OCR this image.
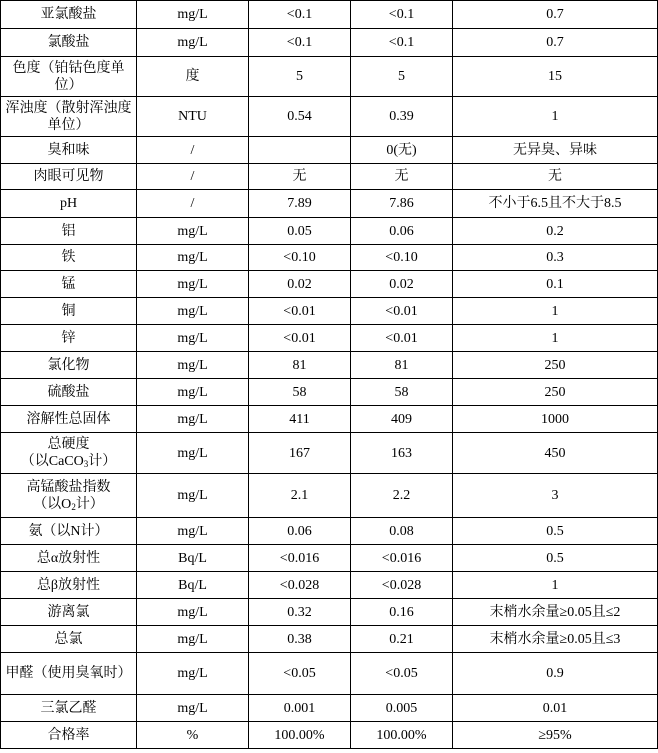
亚氯酸盐	mg/L	<0.1	<0.1	0.7
氯酸盐	mg/L	<0.1	<0.1	0.7
色度（铂钴色度单位）	度	5	5	15
浑浊度（散射浑浊度单位）	NTU	0.54	0.39	1
臭和味	/		0(无)	无异臭、异味
肉眼可见物	/	无	无	无
pH	/	7.89	7.86	不小于6.5且不大于8.5
铝	mg/L	0.05	0.06	0.2
铁	mg/L	<0.10	<0.10	0.3
锰	mg/L	0.02	0.02	0.1
铜	mg/L	<0.01	<0.01	1
锌	mg/L	<0.01	<0.01	1
氯化物	mg/L	81	81	250
硫酸盐	mg/L	58	58	250
溶解性总固体	mg/L	411	409	1000
总硬度
（以CaCO$_3$计）	mg/L	167	163	450
高锰酸盐指数
（以$O_2$计）	mg/L	2.1	2.2	3
氨（以N计）	mg/L	0.06	0.08	0.5
总α放射性	Bq/L	<0.016	<0.016	0.5
总β放射性	Bq/L	<0.028	<0.028	1
游离氯	mg/L	0.32	0.16	末梢水余量≥0.05且≤2
总氯	mg/L	0.38	0.21	末梢水余量≥0.05且≤3
甲醛（使用臭氧时）	mg/L	<0.05	<0.05	0.9
三氯乙醛	mg/L	0.001	0.005	0.01
合格率	%	100.00%	100.00%	≥95%
